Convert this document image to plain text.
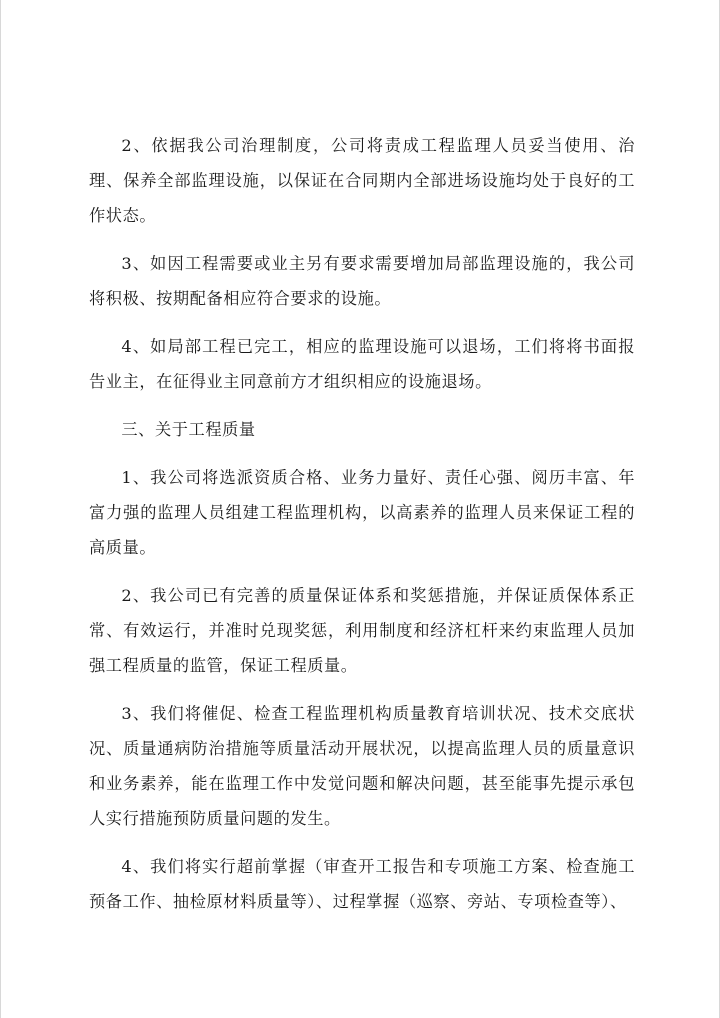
2、依据我公司治理制度，公司将责成工程监理人员妥当使用、治理、保养全部监理设施，以保证在合同期内全部进场设施均处于良好的工作状态。

3、如因工程需要或业主另有要求需要增加局部监理设施的，我公司将积极、按期配备相应符合要求的设施。

4、如局部工程已完工，相应的监理设施可以退场，工们将将书面报告业主，在征得业主同意前方才组织相应的设施退场。

三、关于工程质量

1、我公司将选派资质合格、业务力量好、责任心强、阅历丰富、年富力强的监理人员组建工程监理机构，以高素养的监理人员来保证工程的高质量。

2、我公司已有完善的质量保证体系和奖惩措施，并保证质保体系正常、有效运行，并准时兑现奖惩，利用制度和经济杠杆来约束监理人员加强工程质量的监管，保证工程质量。

3、我们将催促、检查工程监理机构质量教育培训状况、技术交底状况、质量通病防治措施等质量活动开展状况，以提高监理人员的质量意识和业务素养，能在监理工作中发觉问题和解决问题，甚至能事先提示承包人实行措施预防质量问题的发生。

4、我们将实行超前掌握（审查开工报告和专项施工方案、检查施工预备工作、抽检原材料质量等）、过程掌握（巡察、旁站、专项检查等）、
